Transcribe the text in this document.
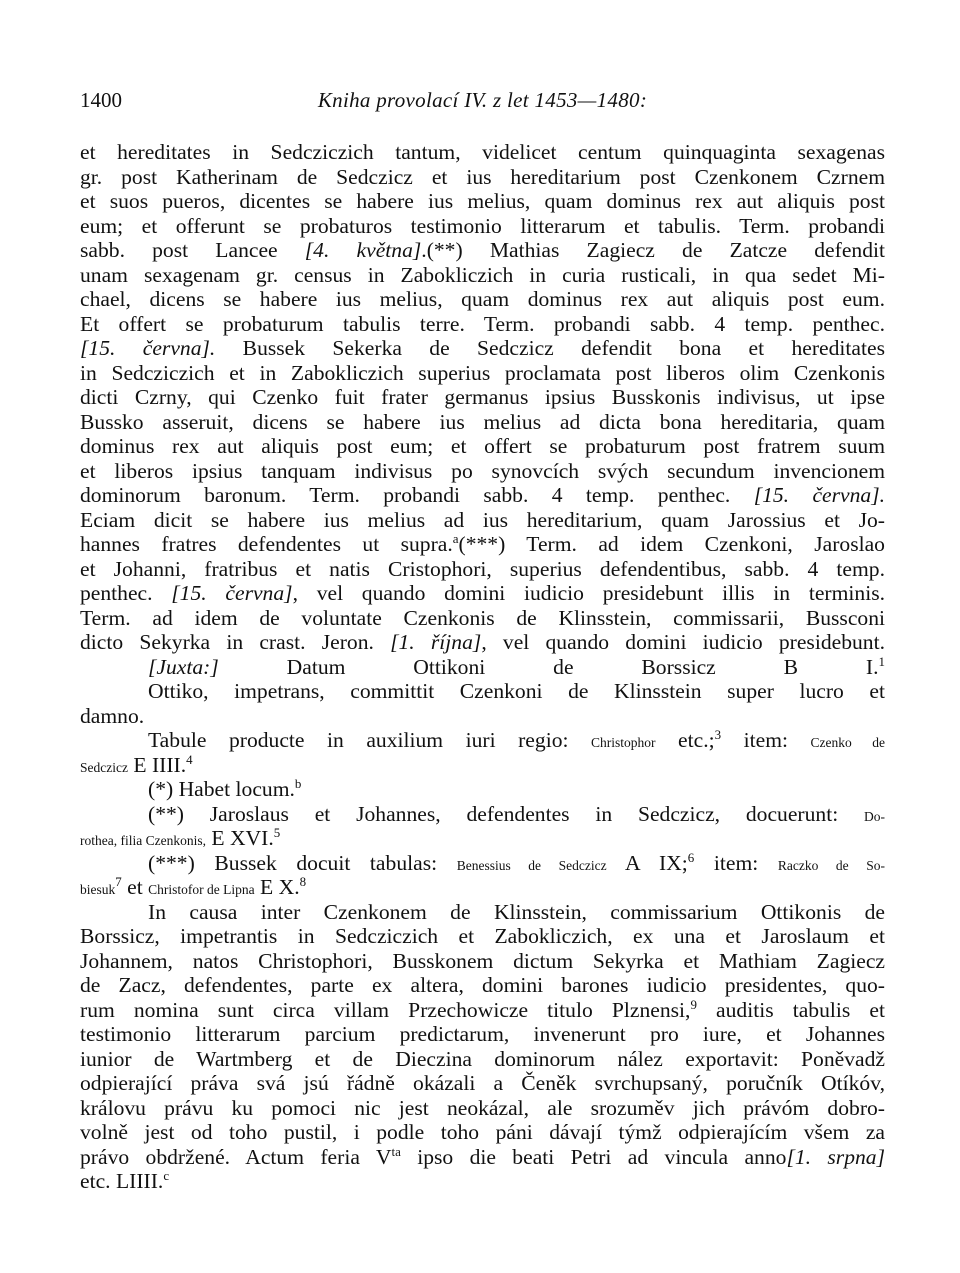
1400	Kniha provolací IV. z let 1453—1480:
et hereditates in Sedcziczich tantum, videlicet centum quinquaginta sexagenas
gr. post Katherinam de Sedczicz et ius hereditarium post Czenkonem Czrnem
et suos pueros, dicentes se habere ius melius, quam dominus rex aut aliquis post
eum; et offerunt se probaturos testimonio litterarum et tabulis. Term. probandi
sabb. post Lancee [4. května].(**) Mathias Zagiecz de Zatcze defendit
unam sexagenam gr. census in Zabokliczich in curia rusticali, in qua sedet Mi-
chael, dicens se habere ius melius, quam dominus rex aut aliquis post eum.
Et offert se probaturum tabulis terre. Term. probandi sabb. 4 temp. penthec.
[15. června]. Bussek Sekerka de Sedczicz defendit bona et hereditates
in Sedcziczich et in Zabokliczich superius proclamata post liberos olim Czenkonis
dicti Czrny, qui Czenko fuit frater germanus ipsius Busskonis indivisus, ut ipse
Bussko asseruit, dicens se habere ius melius ad dicta bona hereditaria, quam
dominus rex aut aliquis post eum; et offert se probaturum post fratrem suum
et liberos ipsius tanquam indivisus po synovcích svých secundum invencionem
dominorum baronum. Term. probandi sabb. 4 temp. penthec. [15. června].
Eciam dicit se habere ius melius ad ius hereditarium, quam Jarossius et Jo-
hannes fratres defendentes ut supra.$^a$(***) Term. ad idem Czenkoni, Jaroslao
et Johanni, fratribus et natis Cristophori, superius defendentibus, sabb. 4 temp.
penthec. [15. června], vel quando domini iudicio presidebunt illis in terminis.
Term. ad idem de voluntate Czenkonis de Klinsstein, commissarii, Bussconi
dicto Sekyrka in crast. Jeron. [1. října], vel quando domini iudicio presidebunt.
[Juxta:] Datum Ottikoni de Borssicz B I.$^1$
Ottiko, impetrans, committit Czenkoni de Klinsstein super lucro et
damno.
Tabule producte in auxilium iuri regio: Christophor etc.;$^3$ item: Czenko de
Sedczicz E IIII.$^4$
(*) Habet locum.$^b$
(**) Jaroslaus et Johannes, defendentes in Sedczicz, docuerunt: Do-
rothea, filia Czenkonis, E XVI.$^5$
(***) Bussek docuit tabulas: Benessius de Sedczicz A IX;$^6$ item: Raczko de So-
biesuk$^7$ et Christofor de Lipna E X.$^8$
In causa inter Czenkonem de Klinsstein, commissarium Ottikonis de
Borssicz, impetrantis in Sedcziczich et Zabokliczich, ex una et Jaroslaum et
Johannem, natos Christophori, Busskonem dictum Sekyrka et Mathiam Zagiecz
de Zacz, defendentes, parte ex altera, domini barones iudicio presidentes, quo-
rum nomina sunt circa villam Przechowicze titulo Plznensi,$^9$ auditis tabulis et
testimonio litterarum parcium predictarum, invenerunt pro iure, et Johannes
iunior de Wartmberg et de Dieczina dominorum nález exportavit: Poněvadž
odpierající práva svá jsú řádně okázali a Čeněk svrchupsaný, poručník Otíkóv,
královu právu ku pomoci nic jest neokázal, ale srozuměv jich právóm dobro-
volně jest od toho pustil, i podle toho páni dávají týmž odpierajícím všem za
právo obdržené. Actum feria $V^{ta}$ ipso die beati Petri ad vincula anno[1. srpna]
etc. LIIII.$^c$
